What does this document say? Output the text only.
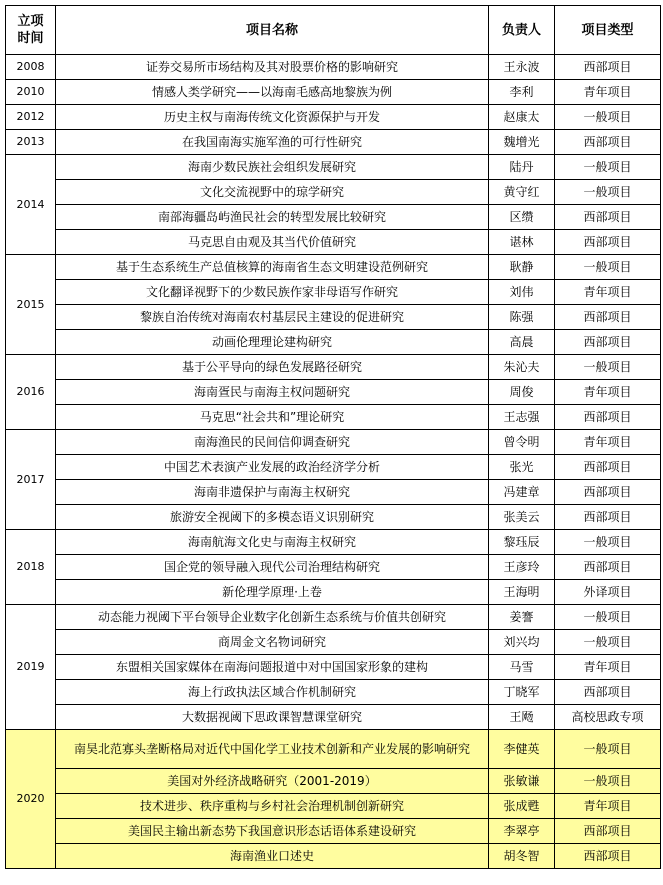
立项
时间	项目名称	负责人	项目类型
2008	证券交易所市场结构及其对股票价格的影响研究	王永波	西部项目
2010	情感人类学研究——以海南毛感高地黎族为例	李利	青年项目
2012	历史主权与南海传统文化资源保护与开发	赵康太	一般项目
2013	在我国南海实施军渔的可行性研究	魏增光	西部项目
2014	海南少数民族社会组织发展研究	陆丹	一般项目
	文化交流视野中的琼学研究	黄守红	一般项目
	南部海疆岛屿渔民社会的转型发展比较研究	区缵	西部项目
	马克思自由观及其当代价值研究	谌林	西部项目
2015	基于生态系统生产总值核算的海南省生态文明建设范例研究	耿静	一般项目
	文化翻译视野下的少数民族作家非母语写作研究	刘伟	青年项目
	黎族自治传统对海南农村基层民主建设的促进研究	陈强	西部项目
	动画伦理理论建构研究	高晨	西部项目
2016	基于公平导向的绿色发展路径研究	朱沁夫	一般项目
	海南疍民与南海主权问题研究	周俊	青年项目
	马克思“社会共和”理论研究	王志强	西部项目
2017	南海渔民的民间信仰调查研究	曾令明	青年项目
	中国艺术表演产业发展的政治经济学分析	张光	西部项目
	海南非遗保护与南海主权研究	冯建章	西部项目
	旅游安全视阈下的多模态语义识别研究	张美云	西部项目
2018	海南航海文化史与南海主权研究	黎珏辰	一般项目
	国企党的领导融入现代公司治理结构研究	王彦玲	西部项目
	新伦理学原理·上卷	王海明	外译项目
2019	动态能力视阈下平台领导企业数字化创新生态系统与价值共创研究	姜謇	一般项目
	商周金文名物词研究	刘兴均	一般项目
	东盟相关国家媒体在南海问题报道中对中国国家形象的建构	马雪	青年项目
	海上行政执法区域合作机制研究	丁晓军	西部项目
	大数据视阈下思政课智慧课堂研究	王飏	高校思政专项
2020	南昊北范寡头垄断格局对近代中国化学工业技术创新和产业发展的影响研究	李健英	一般项目
	美国对外经济战略研究（2001-2019）	张敏谦	一般项目
	技术进步、秩序重构与乡村社会治理机制创新研究	张成甦	青年项目
	美国民主输出新态势下我国意识形态话语体系建设研究	李翠亭	西部项目
	海南渔业口述史	胡冬智	西部项目
